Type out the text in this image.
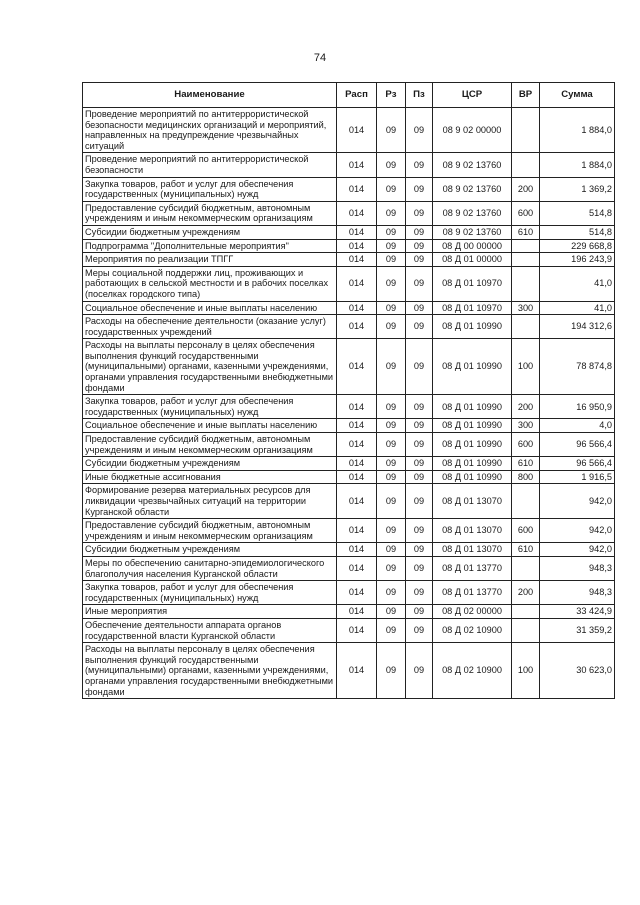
74
Наименование	Расп	Рз	Пз	ЦСР	ВР	Сумма
Проведение мероприятий по антитеррористической безопасности медицинских организаций и мероприятий, направленных на предупреждение чрезвычайных ситуаций	014	09	09	08 9 02 00000		1 884,0
Проведение мероприятий по антитеррористической безопасности	014	09	09	08 9 02 13760		1 884,0
Закупка товаров, работ и услуг для обеспечения государственных (муниципальных) нужд	014	09	09	08 9 02 13760	200	1 369,2
Предоставление субсидий бюджетным, автономным учреждениям и иным некоммерческим организациям	014	09	09	08 9 02 13760	600	514,8
Субсидии бюджетным учреждениям	014	09	09	08 9 02 13760	610	514,8
Подпрограмма "Дополнительные мероприятия"	014	09	09	08 Д 00 00000		229 668,8
Мероприятия по реализации ТПГГ	014	09	09	08 Д 01 00000		196 243,9
Меры социальной поддержки лиц, проживающих и работающих в сельской местности и в рабочих поселках (поселках городского типа)	014	09	09	08 Д 01 10970		41,0
Социальное обеспечение и иные выплаты населению	014	09	09	08 Д 01 10970	300	41,0
Расходы на обеспечение деятельности (оказание услуг) государственных учреждений	014	09	09	08 Д 01 10990		194 312,6
Расходы на выплаты персоналу в целях обеспечения выполнения функций государственными (муниципальными) органами, казенными учреждениями, органами управления государственными внебюджетными фондами	014	09	09	08 Д 01 10990	100	78 874,8
Закупка товаров, работ и услуг для обеспечения государственных (муниципальных) нужд	014	09	09	08 Д 01 10990	200	16 950,9
Социальное обеспечение и иные выплаты населению	014	09	09	08 Д 01 10990	300	4,0
Предоставление субсидий бюджетным, автономным учреждениям и иным некоммерческим организациям	014	09	09	08 Д 01 10990	600	96 566,4
Субсидии бюджетным учреждениям	014	09	09	08 Д 01 10990	610	96 566,4
Иные бюджетные ассигнования	014	09	09	08 Д 01 10990	800	1 916,5
Формирование резерва материальных ресурсов для ликвидации чрезвычайных ситуаций на территории Курганской области	014	09	09	08 Д 01 13070		942,0
Предоставление субсидий бюджетным, автономным учреждениям и иным некоммерческим организациям	014	09	09	08 Д 01 13070	600	942,0
Субсидии бюджетным учреждениям	014	09	09	08 Д 01 13070	610	942,0
Меры по обеспечению санитарно-эпидемиологического благополучия населения Курганской области	014	09	09	08 Д 01 13770		948,3
Закупка товаров, работ и услуг для обеспечения государственных (муниципальных) нужд	014	09	09	08 Д 01 13770	200	948,3
Иные мероприятия	014	09	09	08 Д 02 00000		33 424,9
Обеспечение деятельности аппарата органов государственной власти Курганской области	014	09	09	08 Д 02 10900		31 359,2
Расходы на выплаты персоналу в целях обеспечения выполнения функций государственными (муниципальными) органами, казенными учреждениями, органами управления государственными внебюджетными фондами	014	09	09	08 Д 02 10900	100	30 623,0
